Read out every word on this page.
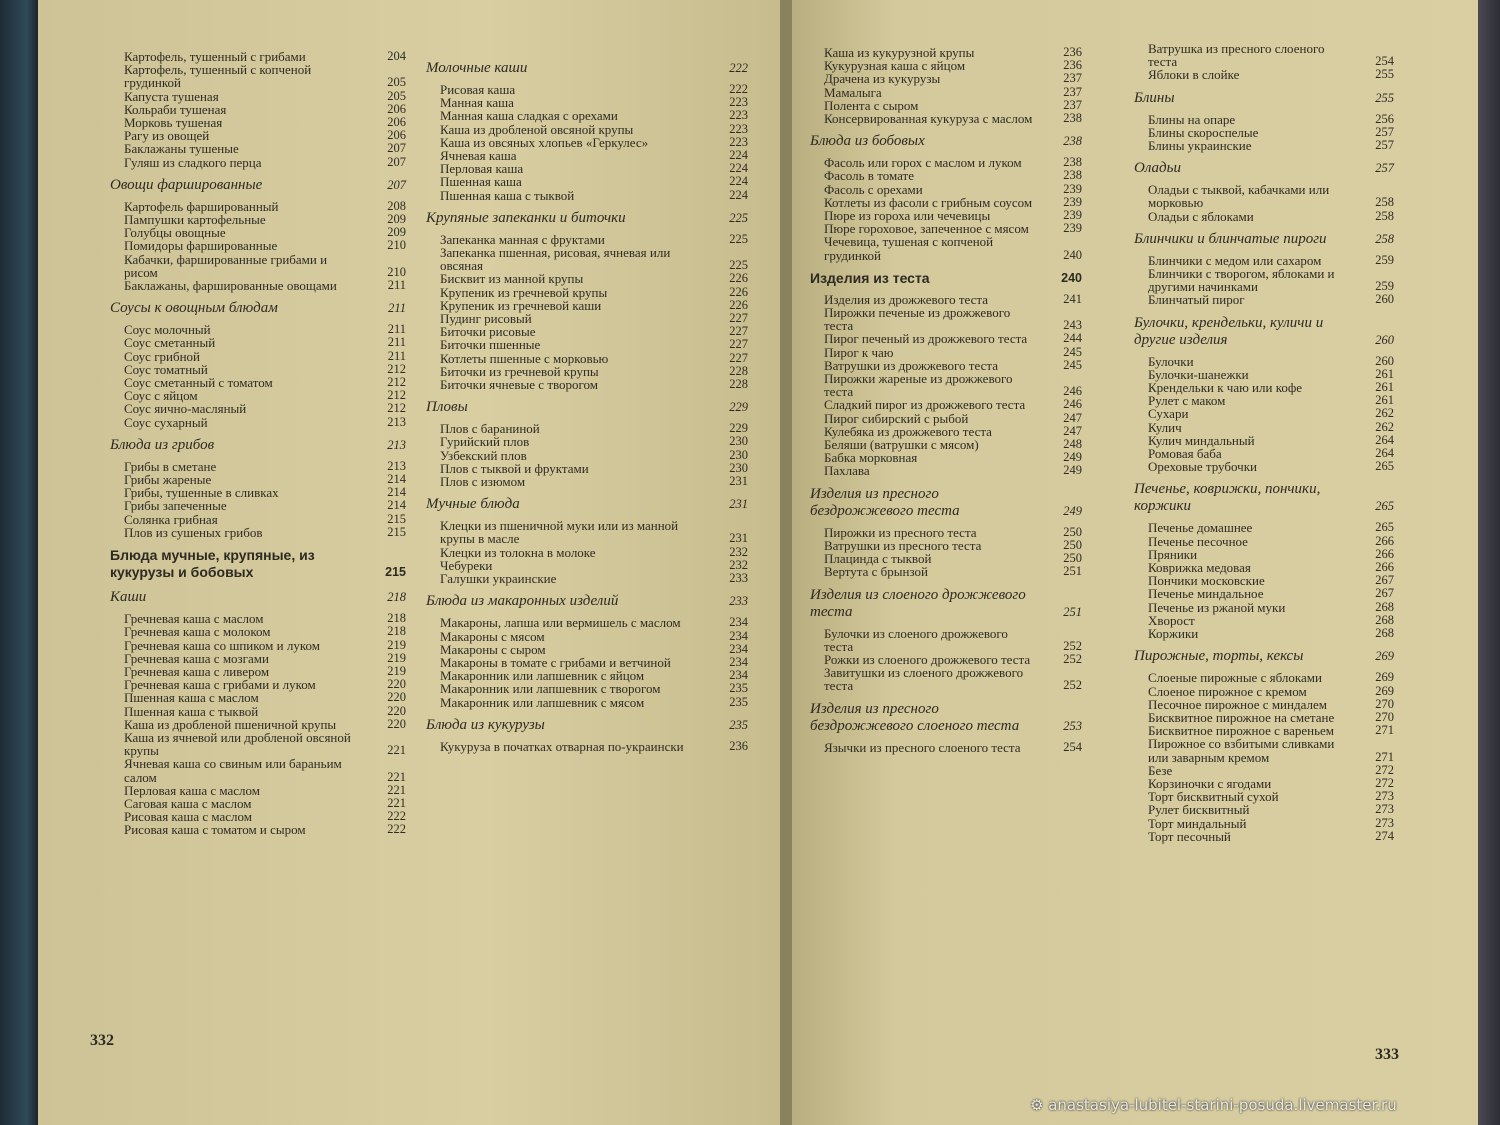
Картофель, тушенный с грибами	204
Картофель, тушенный с копченой грудинкой	205
Капуста тушеная	205
Кольраби тушеная	206
Морковь тушеная	206
Рагу из овощей	206
Баклажаны тушеные	207
Гуляш из сладкого перца	207
Овощи фаршированные	207
Картофель фаршированный	208
Пампушки картофельные	209
Голубцы овощные	209
Помидоры фаршированные	210
Кабачки, фаршированные грибами и рисом	210
Баклажаны, фаршированные овощами	211
Соусы к овощным блюдам	211
Соус молочный	211
Соус сметанный	211
Соус грибной	211
Соус томатный	212
Соус сметанный с томатом	212
Соус с яйцом	212
Соус яично-масляный	212
Соус сухарный	213
Блюда из грибов	213
Грибы в сметане	213
Грибы жареные	214
Грибы, тушенные в сливках	214
Грибы запеченные	214
Солянка грибная	215
Плов из сушеных грибов	215
Блюда мучные, крупяные, из кукурузы и бобовых	215
Каши	218
Гречневая каша с маслом	218
Гречневая каша с молоком	218
Гречневая каша со шпиком и луком	219
Гречневая каша с мозгами	219
Гречневая каша с ливером	219
Гречневая каша с грибами и луком	220
Пшенная каша с маслом	220
Пшенная каша с тыквой	220
Каша из дробленой пшеничной крупы	220
Каша из ячневой или дробленой овсяной крупы	221
Ячневая каша со свиным или бараньим салом	221
Перловая каша с маслом	221
Саговая каша с маслом	221
Рисовая каша с маслом	222
Рисовая каша с томатом и сыром	222
Молочные каши	222
Рисовая каша	222
Манная каша	223
Манная каша сладкая с орехами	223
Каша из дробленой овсяной крупы	223
Каша из овсяных хлопьев «Геркулес»	223
Ячневая каша	224
Перловая каша	224
Пшенная каша	224
Пшенная каша с тыквой	224
Крупяные запеканки и биточки	225
Запеканка манная с фруктами	225
Запеканка пшенная, рисовая, ячневая или овсяная	225
Бисквит из манной крупы	226
Крупеник из гречневой крупы	226
Крупеник из гречневой каши	226
Пудинг рисовый	227
Биточки рисовые	227
Биточки пшенные	227
Котлеты пшенные с морковью	227
Биточки из гречневой крупы	228
Биточки ячневые с творогом	228
Пловы	229
Плов с бараниной	229
Гурийский плов	230
Узбекский плов	230
Плов с тыквой и фруктами	230
Плов с изюмом	231
Мучные блюда	231
Клецки из пшеничной муки или из манной крупы в масле	231
Клецки из толокна в молоке	232
Чебуреки	232
Галушки украинские	233
Блюда из макаронных изделий	233
Макароны, лапша или вермишель с маслом	234
Макароны с мясом	234
Макароны с сыром	234
Макароны в томате с грибами и ветчиной	234
Макаронник или лапшевник с яйцом	234
Макаронник или лапшевник с творогом	235
Макаронник или лапшевник с мясом	235
Блюда из кукурузы	235
Кукуруза в початках отварная по-украински	236
332
Каша из кукурузной крупы	236
Кукурузная каша с яйцом	236
Драчена из кукурузы	237
Мамалыга	237
Полента с сыром	237
Консервированная кукуруза с маслом 238
Блюда из бобовых	238
Фасоль или горох с маслом и луком	238
Фасоль в томате	238
Фасоль с орехами	239
Котлеты из фасоли с грибным соусом 239
Пюре из гороха или чечевицы	239
Пюре гороховое, запеченное с мясом	239
Чечевица, тушеная с копченой грудинкой	240
Изделия из теста	240
Изделия из дрожжевого теста	241
Пирожки печеные из дрожжевого теста	243
Пирог печеный из дрожжевого теста	244
Пирог к чаю	245
Ватрушки из дрожжевого теста	245
Пирожки жареные из дрожжевого теста	246
Сладкий пирог из дрожжевого теста	246
Пирог сибирский с рыбой	247
Кулебяка из дрожжевого теста	247
Беляши (ватрушки с мясом)	248
Бабка морковная	249
Пахлава	249
Изделия из пресного бездрожжевого теста	249
Пирожки из пресного теста	250
Ватрушки из пресного теста	250
Плацинда с тыквой	250
Вертута с брынзой	251
Изделия из слоеного дрожжевого теста	251
Булочки из слоеного дрожжевого теста	252
Рожки из слоеного дрожжевого теста	252
Завитушки из слоеного дрожжевого теста	252
Изделия из пресного бездрожжевого слоеного теста	253
Язычки из пресного слоеного теста	254
Ватрушка из пресного слоеного теста	254
Яблоки в слойке	255
Блины	255
Блины на опаре	256
Блины скороспелые	257
Блины украинские	257
Оладьи	257
Оладьи с тыквой, кабачками или морковью	258
Оладьи с яблоками	258
Блинчики и блинчатые пироги	258
Блинчики с медом или сахаром	259
Блинчики с творогом, яблоками и другими начинками	259
Блинчатый пирог	260
Булочки, крендельки, куличи и другие изделия	260
Булочки	260
Булочки-шанежки	261
Крендельки к чаю или кофе	261
Рулет с маком	261
Сухари	262
Кулич	262
Кулич миндальный	264
Ромовая баба	264
Ореховые трубочки	265
Печенье, коврижки, пончики, коржики	265
Печенье домашнее	265
Печенье песочное	266
Пряники	266
Коврижка медовая	266
Пончики московские	267
Печенье миндальное	267
Печенье из ржаной муки	268
Хворост	268
Коржики	268
Пирожные, торты, кексы	269
Слоеные пирожные с яблоками	269
Слоеное пирожное с кремом	269
Песочное пирожное с миндалем	270
Бисквитное пирожное на сметане	270
Бисквитное пирожное с вареньем	271
Пирожное со взбитыми сливками или заварным кремом	271
Безе	272
Корзиночки с ягодами	272
Торт бисквитный сухой	273
Рулет бисквитный	273
Торт миндальный	273
Торт песочный	274
333
⚙ anastasiya-lubitel-starini-posuda.livemaster.ru
